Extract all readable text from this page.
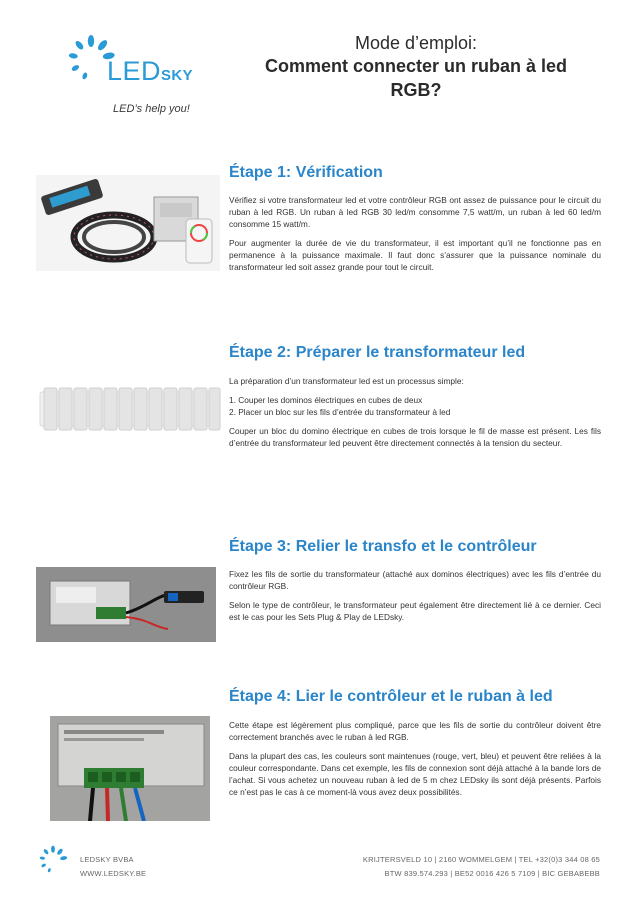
LEDSKY
LED’s help you!
Mode d’emploi:
Comment connecter un ruban à led
RGB?
Étape 1: Vérification

Vérifiez si votre transformateur led et votre contrôleur RGB ont assez de puissance pour le circuit du ruban à led RGB. Un ruban à led RGB 30 led/m consomme 7,5 watt/m, un ruban à led 60 led/m consomme 15 watt/m.

Pour augmenter la durée de vie du transformateur, il est important qu’il ne fonctionne pas en permanence à la puissance maximale. Il faut donc s’assurer que la puissance nominale du transformateur led soit assez grande pour tout le circuit.

Étape 2: Préparer le transformateur led

La préparation d’un transformateur led est un processus simple:

1. Couper les dominos électriques en cubes de deux

2. Placer un bloc sur les fils d’entrée du transformateur à led

Couper un bloc du domino électrique en cubes de trois lorsque le fil de masse est présent. Les fils d’entrée du transformateur led peuvent être directement connectés à la tension du secteur.

Étape 3: Relier le transfo et le contrôleur

Fixez les fils de sortie du transformateur (attaché aux dominos électriques) avec les fils d’entrée du contrôleur RGB.

Selon le type de contrôleur, le transformateur peut également être directement lié à ce dernier. Ceci est le cas pour les Sets Plug & Play de LEDsky.

Étape 4: Lier le contrôleur et le ruban à led

Cette étape est légèrement plus compliqué, parce que les fils de sortie du contrôleur doivent être correctement branchés avec le ruban à led RGB.

Dans la plupart des cas, les couleurs sont maintenues (rouge, vert, bleu) et peuvent être reliées à la couleur correspondante. Dans cet exemple, les fils de connexion sont déjà attaché à la bande lors de l’achat. Si vous achetez un nouveau ruban à led de 5 m chez LEDsky ils sont déjà présents. Parfois ce n’est pas le cas à ce moment-là vous avez deux possibilités.

LEDSKY BVBA
WWW.LEDSKY.BE
KRIJTERSVELD 10 | 2160 WOMMELGEM | TEL +32(0)3 344 08 65
BTW 839.574.293 | BE52 0016 426 5 7109 | BIC GEBABEBB
